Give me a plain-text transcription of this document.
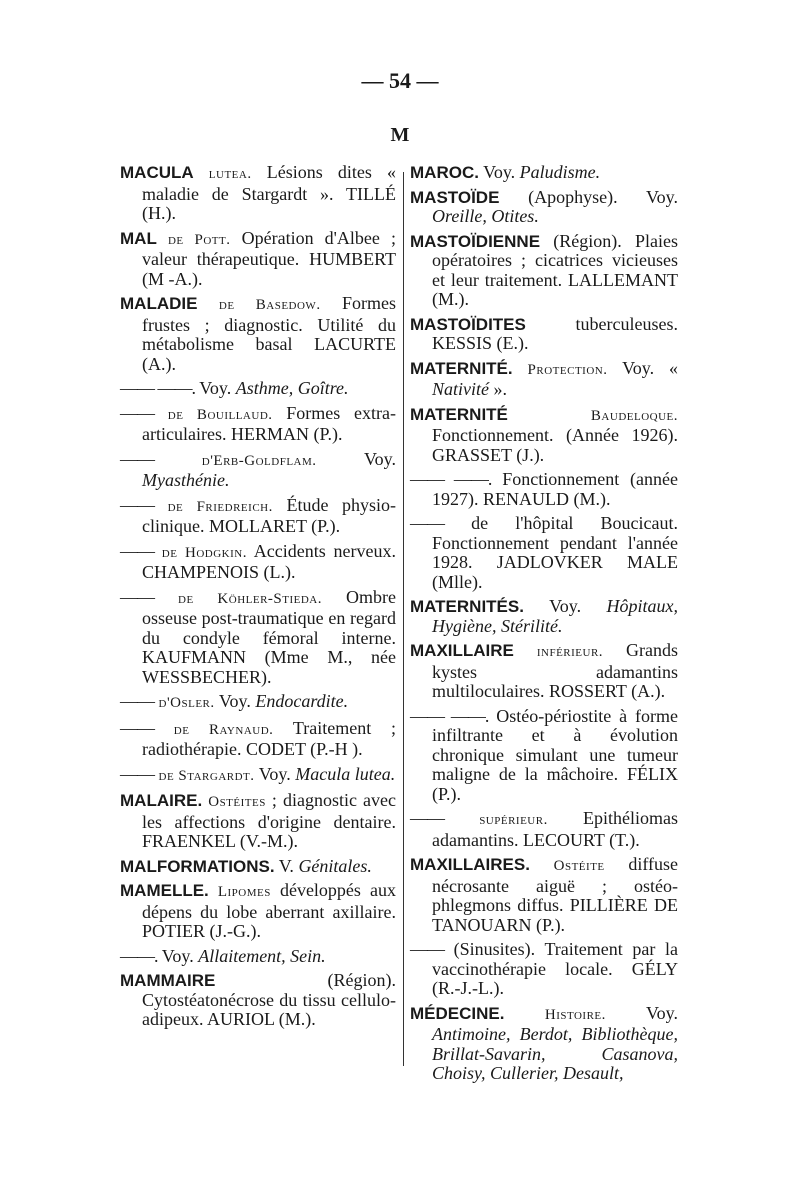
— 54 —
M
MACULA lutea. Lésions dites « maladie de Stargardt ». TILLÉ (H.).
MAL de Pott. Opération d'Albee ; valeur thérapeutique. HUMBERT (M -A.).
MALADIE de Basedow. Formes frustes ; diagnostic. Utilité du métabolisme basal LACURTE (A.).
—— ——. Voy. Asthme, Goître.
—— de Bouillaud. Formes extra-articulaires. HERMAN (P.).
——	d'Erb-Goldflam.	Voy. Myasthénie.
—— de Friedreich. Étude physio-clinique. MOLLARET (P.).
—— de Hodgkin. Accidents nerveux. CHAMPENOIS (L.).
—— de Köhler-Stieda. Ombre osseuse post-traumatique en regard du condyle fémoral interne. KAUFMANN (Mme M., née WESSBECHER).
—— d'Osler. Voy. Endocardite.
—— de Raynaud. Traitement ; radiothérapie. CODET (P.-H ).
—— de Stargardt. Voy. Macula lutea.
MALAIRE. Ostéites ; diagnostic avec les affections d'origine dentaire. FRAENKEL (V.-M.).
MALFORMATIONS. V. Génitales.
MAMELLE. Lipomes développés aux dépens du lobe aberrant axillaire. POTIER (J.-G.).
——. Voy. Allaitement, Sein.
MAMMAIRE	(Région). Cytostéatonécrose du tissu cellulo-adipeux. AURIOL (M.).
MAROC. Voy. Paludisme.
MASTOÏDE (Apophyse). Voy. Oreille, Otites.
MASTOÏDIENNE (Région). Plaies opératoires ; cicatrices vicieuses et leur traitement. LALLEMANT (M.).
MASTOÏDITES	tuberculeuses. KESSIS (E.).
MATERNITÉ. Protection. Voy. « Nativité ».
MATERNITÉ	Baudeloque. Fonctionnement. (Année 1926). GRASSET (J.).
—— ——. Fonctionnement (année 1927). RENAULD (M.).
—— de l'hôpital Boucicaut. Fonctionnement pendant l'année 1928. JADLOVKER MALE (Mlle).
MATERNITÉS. Voy. Hôpitaux, Hygiène, Stérilité.
MAXILLAIRE inférieur. Grands kystes adamantins multiloculaires. ROSSERT (A.).
—— ——. Ostéo-périostite à forme infiltrante et à évolution chronique simulant une tumeur maligne de la mâchoire. FÉLIX (P.).
—— supérieur. Epithéliomas adamantins. LECOURT (T.).
MAXILLAIRES. Ostéite diffuse nécrosante aiguë ; ostéo-phlegmons diffus. PILLIÈRE DE TANOUARN (P.).
—— (Sinusites). Traitement par la vaccinothérapie locale. GÉLY (R.-J.-L.).
MÉDECINE.	Histoire. Voy. Antimoine, Berdot, Bibliothèque, Brillat-Savarin, Casanova, Choisy, Cullerier, Desault,
